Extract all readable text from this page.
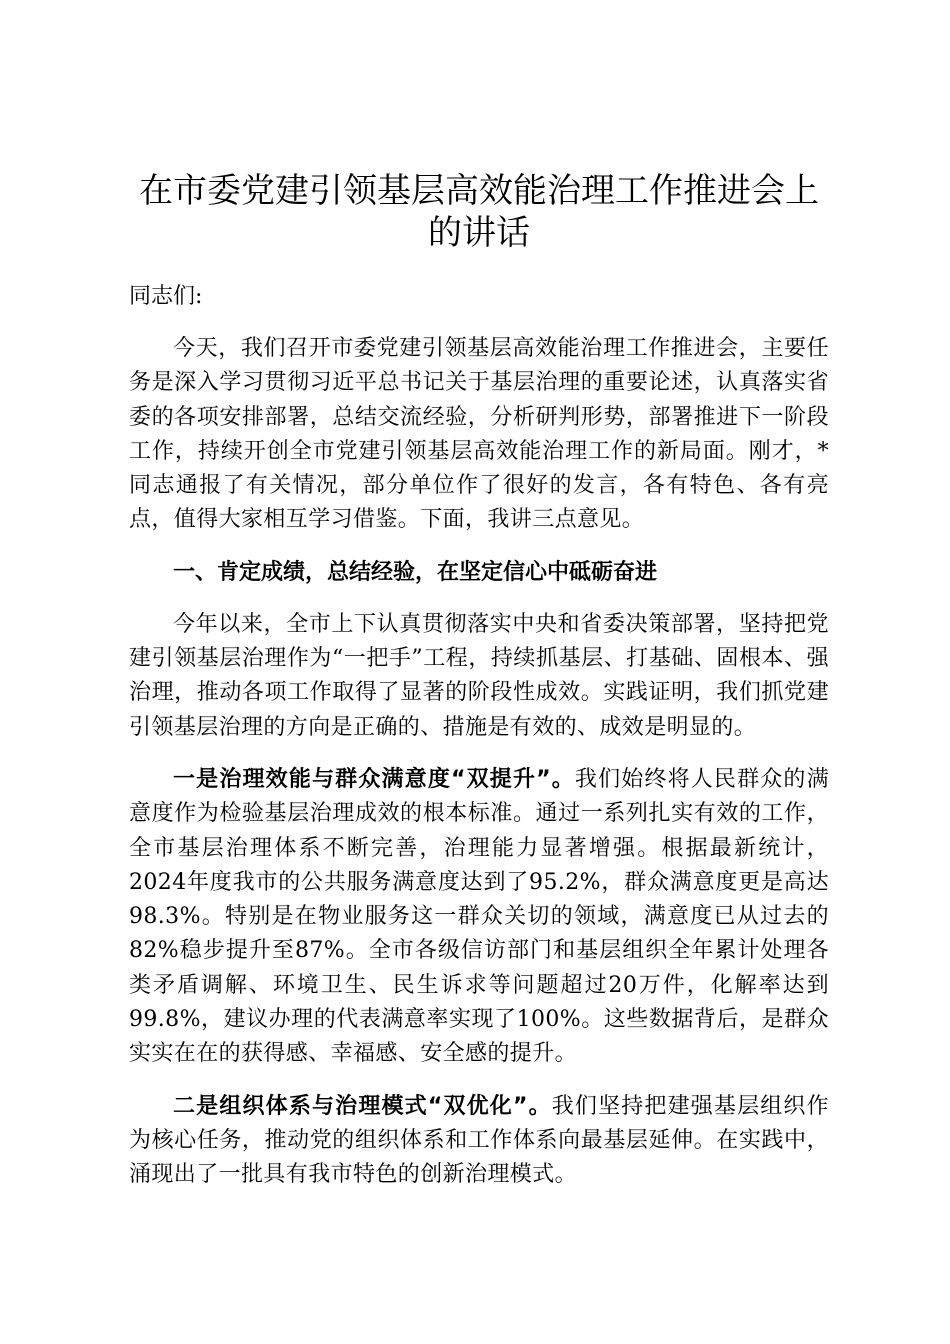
在市委党建引领基层高效能治理工作推进会上的讲话

同志们:

今天，我们召开市委党建引领基层高效能治理工作推进会，主要任务是深入学习贯彻习近平总书记关于基层治理的重要论述，认真落实省委的各项安排部署，总结交流经验，分析研判形势，部署推进下一阶段工作，持续开创全市党建引领基层高效能治理工作的新局面。刚才，*同志通报了有关情况，部分单位作了很好的发言，各有特色、各有亮点，值得大家相互学习借鉴。下面，我讲三点意见。

一、肯定成绩，总结经验，在坚定信心中砥砺奋进

今年以来，全市上下认真贯彻落实中央和省委决策部署，坚持把党建引领基层治理作为“一把手”工程，持续抓基层、打基础、固根本、强治理，推动各项工作取得了显著的阶段性成效。实践证明，我们抓党建引领基层治理的方向是正确的、措施是有效的、成效是明显的。

一是治理效能与群众满意度“双提升”。我们始终将人民群众的满意度作为检验基层治理成效的根本标准。通过一系列扎实有效的工作，全市基层治理体系不断完善，治理能力显著增强。根据最新统计，2024年度我市的公共服务满意度达到了95.2%，群众满意度更是高达98.3%。特别是在物业服务这一群众关切的领域，满意度已从过去的82%稳步提升至87%。全市各级信访部门和基层组织全年累计处理各类矛盾调解、环境卫生、民生诉求等问题超过20万件，化解率达到99.8%，建议办理的代表满意率实现了100%。这些数据背后，是群众实实在在的获得感、幸福感、安全感的提升。

二是组织体系与治理模式“双优化”。我们坚持把建强基层组织作为核心任务，推动党的组织体系和工作体系向最基层延伸。在实践中，涌现出了一批具有我市特色的创新治理模式。
